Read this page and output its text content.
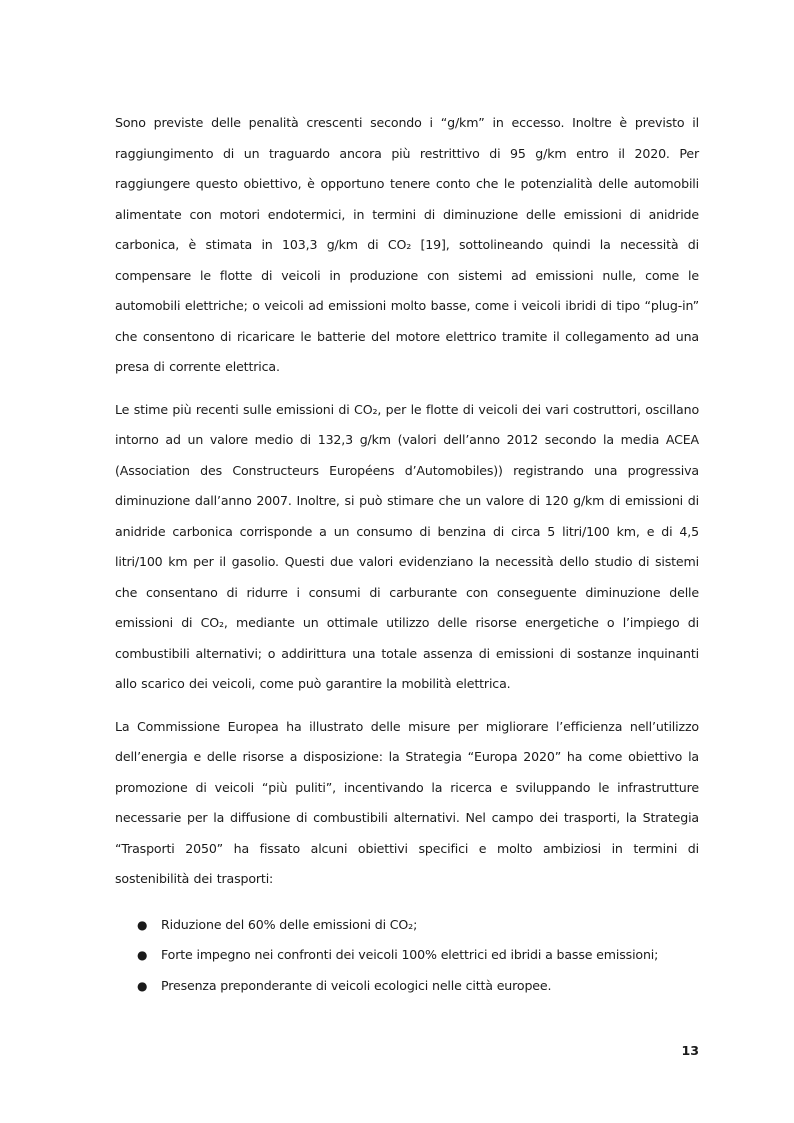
Sono previste delle penalità crescenti secondo i “g/km” in eccesso. Inoltre è previsto il raggiungimento di un traguardo ancora più restrittivo di 95 g/km entro il 2020. Per raggiungere questo obiettivo, è opportuno tenere conto che le potenzialità delle automobili alimentate con motori endotermici, in termini di diminuzione delle emissioni di anidride carbonica, è stimata in 103,3 g/km di CO₂ [19], sottolineando quindi la necessità di compensare le flotte di veicoli in produzione con sistemi ad emissioni nulle, come le automobili elettriche; o veicoli ad emissioni molto basse, come i veicoli ibridi di tipo “plug-in” che consentono di ricaricare le batterie del motore elettrico tramite il collegamento ad una presa di corrente elettrica.

Le stime più recenti sulle emissioni di CO₂, per le flotte di veicoli dei vari costruttori, oscillano intorno ad un valore medio di 132,3 g/km (valori dell’anno 2012 secondo la media ACEA (Association des Constructeurs Européens d’Automobiles)) registrando una progressiva diminuzione dall’anno 2007. Inoltre, si può stimare che un valore di 120 g/km di emissioni di anidride carbonica corrisponde a un consumo di benzina di circa 5 litri/100 km, e di 4,5 litri/100 km per il gasolio. Questi due valori evidenziano la necessità dello studio di sistemi che consentano di ridurre i consumi di carburante con conseguente diminuzione delle emissioni di CO₂, mediante un ottimale utilizzo delle risorse energetiche o l’impiego di combustibili alternativi; o addirittura una totale assenza di emissioni di sostanze inquinanti allo scarico dei veicoli, come può garantire la mobilità elettrica.

La Commissione Europea ha illustrato delle misure per migliorare l’efficienza nell’utilizzo dell’energia e delle risorse a disposizione: la Strategia “Europa 2020” ha come obiettivo la promozione di veicoli “più puliti”, incentivando la ricerca e sviluppando le infrastrutture necessarie per la diffusione di combustibili alternativi. Nel campo dei trasporti, la Strategia “Trasporti 2050” ha fissato alcuni obiettivi specifici e molto ambiziosi in termini di sostenibilità dei trasporti:

● Riduzione del 60% delle emissioni di CO₂;
● Forte impegno nei confronti dei veicoli 100% elettrici ed ibridi a basse emissioni;
● Presenza preponderante di veicoli ecologici nelle città europee.
13
